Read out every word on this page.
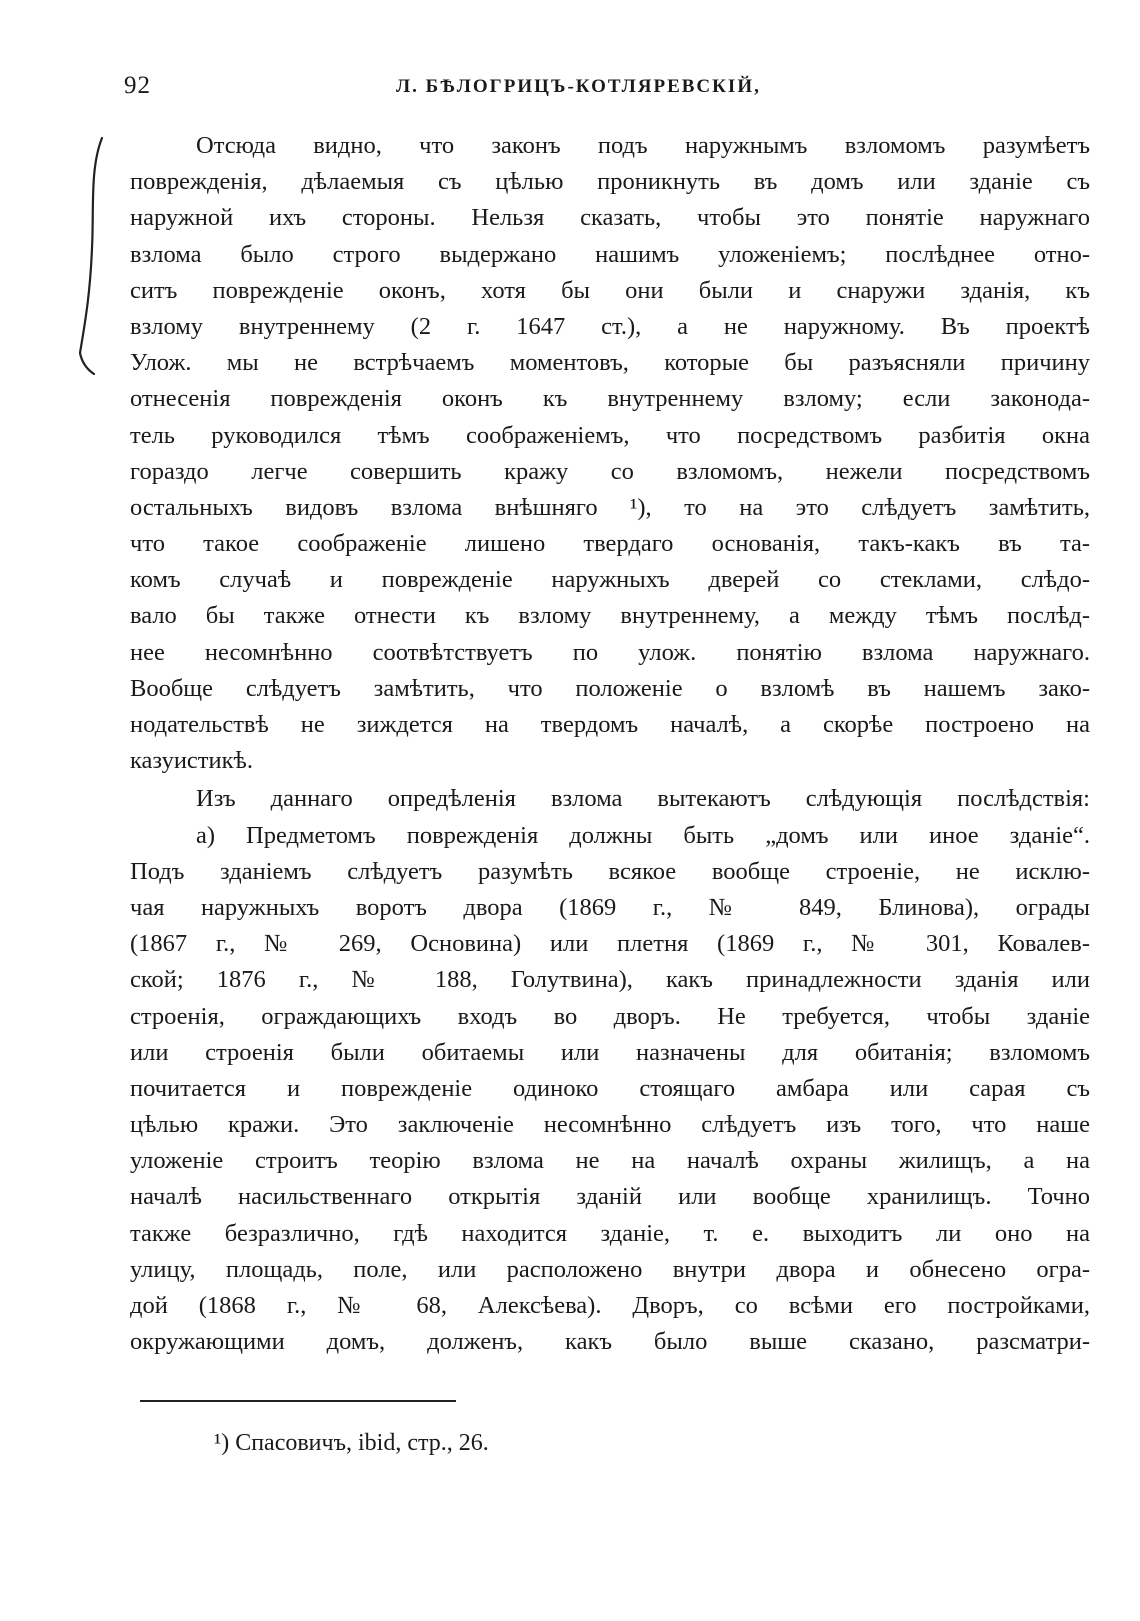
92	Л. БѢЛОГРИЦЪ-КОТЛЯРЕВСКІЙ,
Отсюда видно, что законъ подъ наружнымъ взломомъ разумѣетъ
поврежденія, дѣлаемыя съ цѣлью проникнуть въ домъ или зданіе съ
наружной ихъ стороны. Нельзя сказать, чтобы это понятіе наружнаго
взлома было строго выдержано нашимъ уложеніемъ; послѣднее отно-
ситъ поврежденіе оконъ, хотя бы они были и снаружи зданія, къ
взлому внутреннему (2 г. 1647 ст.), а не наружному. Въ проектѣ
Улож. мы не встрѣчаемъ моментовъ, которые бы разъясняли причину
отнесенія поврежденія оконъ къ внутреннему взлому; если законода-
тель руководился тѣмъ соображеніемъ, что посредствомъ разбитія окна
гораздо легче совершить кражу со взломомъ, нежели посредствомъ
остальныхъ видовъ взлома внѣшняго ¹), то на это слѣдуетъ замѣтить,
что такое соображеніе лишено твердаго основанія, такъ-какъ въ та-
комъ случаѣ и поврежденіе наружныхъ дверей со стеклами, слѣдо-
вало бы также отнести къ взлому внутреннему, а между тѣмъ послѣд-
нее несомнѣнно соотвѣтствуетъ по улож. понятію взлома наружнаго.
Вообще слѣдуетъ замѣтить, что положеніе о взломѣ въ нашемъ зако-
нодательствѣ не зиждется на твердомъ началѣ, а скорѣе построено на
казуистикѣ.
Изъ даннаго опредѣленія взлома вытекаютъ слѣдующія послѣдствія:
а) Предметомъ поврежденія должны быть „домъ или иное зданіе“.
Подъ зданіемъ слѣдуетъ разумѣть всякое вообще строеніе, не исклю-
чая наружныхъ воротъ двора (1869 г., № 849, Блинова), ограды
(1867 г., № 269, Основина) или плетня (1869 г., № 301, Ковалев-
ской; 1876 г., № 188, Голутвина), какъ принадлежности зданія или
строенія, ограждающихъ входъ во дворъ. Не требуется, чтобы зданіе
или строенія были обитаемы или назначены для обитанія; взломомъ
почитается и поврежденіе одиноко стоящаго амбара или сарая съ
цѣлью кражи. Это заключеніе несомнѣнно слѣдуетъ изъ того, что наше
уложеніе строитъ теорію взлома не на началѣ охраны жилищъ, а на
началѣ насильственнаго открытія зданій или вообще хранилищъ. Точно
также безразлично, гдѣ находится зданіе, т. е. выходитъ ли оно на
улицу, площадь, поле, или расположено внутри двора и обнесено огра-
дой (1868 г., № 68, Алексѣева). Дворъ, со всѣми его постройками,
окружающими домъ, долженъ, какъ было выше сказано, разсматри-
¹) Спасовичъ, ibid, стр., 26.
